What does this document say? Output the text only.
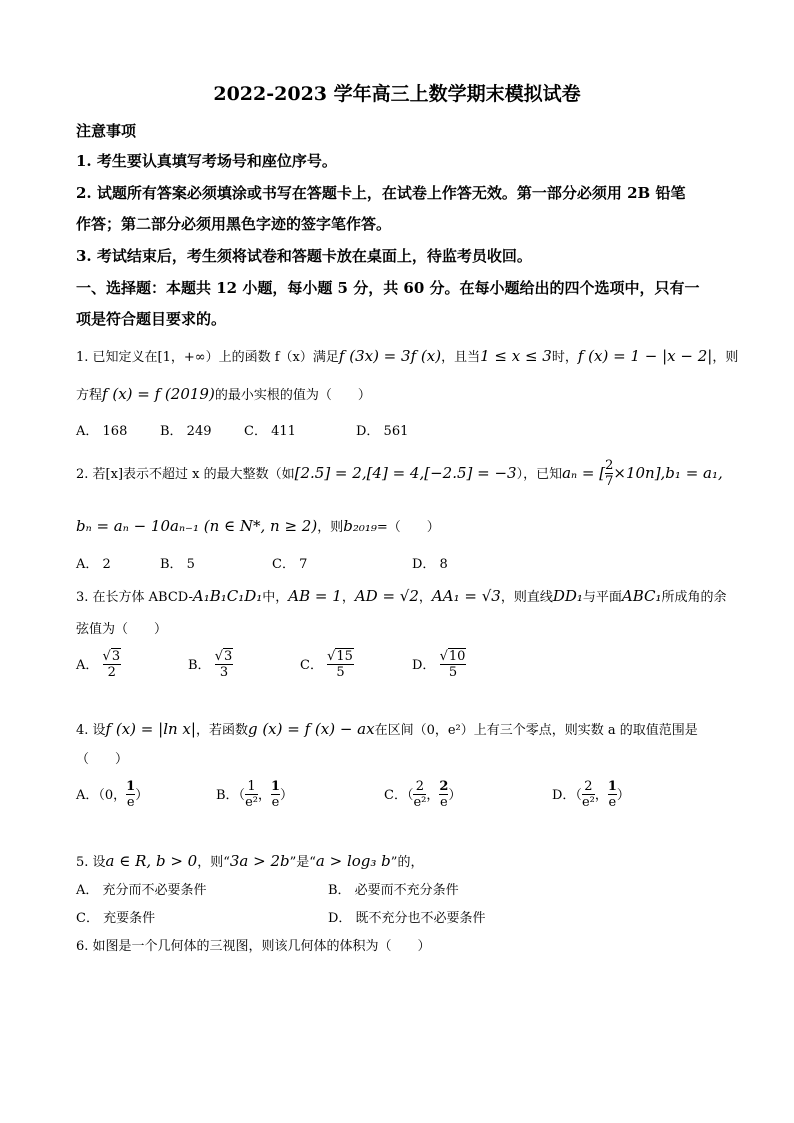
2022-2023 学年高三上数学期末模拟试卷
注意事项
1. 考生要认真填写考场号和座位序号。
2. 试题所有答案必须填涂或书写在答题卡上，在试卷上作答无效。第一部分必须用 2B 铅笔
作答；第二部分必须用黑色字迹的签字笔作答。
3. 考试结束后，考生须将试卷和答题卡放在桌面上，待监考员收回。
一、选择题：本题共 12 小题，每小题 5 分，共 60 分。在每小题给出的四个选项中，只有一
项是符合题目要求的。
1. 已知定义在[1，+∞）上的函数 f（x）满足f (3x) = 3f (x)，且当1 ≤ x ≤ 3时，f (x) = 1 − |x − 2|，则
方程f (x) = f (2019)的最小实根的值为（　　）
A． 168	B． 249	C． 411	D． 561
2. 若[x]表示不超过 x 的最大整数（如[2.5] = 2,[4] = 4,[−2.5] = −3），已知aₙ = [ $\frac{2}{7} \times 10n],b_1 = a_1$,
bₙ = aₙ − 10aₙ₋₁ (n ∈ N*, n ≥ 2)，则b₂₀₁₉=（　　）
A． 2	B． 5	C． 7	D． 8
3. 在长方体 ABCD-A₁B₁C₁D₁中，AB = 1，AD = √2，AA₁ = √3，则直线DD₁与平面ABC₁所成角的余
弦值为（　　）
A． $\frac{√3}{2}$	B． $\frac{√3}{3}$	C． $\frac{√15}{5}$	D． $\frac{√10}{5}$
4. 设f (x) = |ln x|，若函数g (x) = f (x) − ax在区间（0，e²）上有三个零点，则实数 a 的取值范围是
（　　）
A．（0， $\frac{1}{e}$ ）	B．（ $\frac{1}{\text{e²}}$ ， $\frac{1}{e}$ ）	C．（ $\frac{2}{\text{e²}}$ ， $\frac{2}{e}$ ）	D．（ $\frac{2}{\text{e²}}$ ， $\frac{1}{e}$ ）
5. 设a ∈ R, b > 0，则“3a > 2b”是“a > log₃ b”的，
A． 充分而不必要条件	B． 必要而不充分条件
C． 充要条件	D． 既不充分也不必要条件
6. 如图是一个几何体的三视图，则该几何体的体积为（　　）
